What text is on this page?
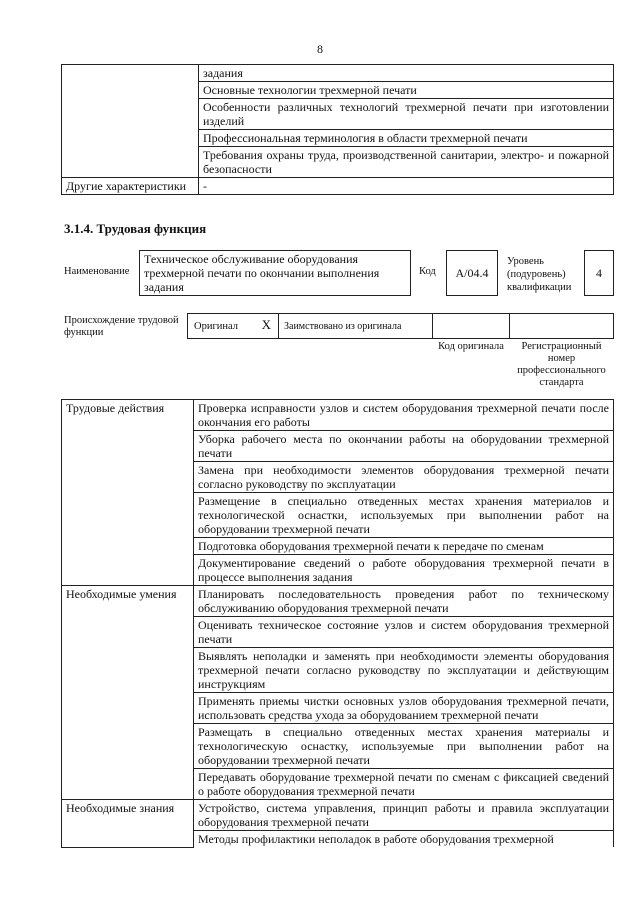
8
	задания
	Основные технологии трехмерной печати
	Особенности различных технологий трехмерной печати при изготовлении изделий
	Профессиональная терминология в области трехмерной печати
	Требования охраны труда, производственной санитарии, электро- и пожарной безопасности
Другие характеристики	-
3.1.4. Трудовая функция
Наименование
Техническое обслуживание оборудования трехмерной печати по окончании выполнения задания
Код	A/04.4
Уровень (подуровень) квалификации
4
Происхождение трудовой функции
Оригинал X Заимствовано из оригинала
Код оригинала	Регистрационный номер профессионального стандарта
Трудовые действия	Проверка исправности узлов и систем оборудования трехмерной печати после окончания его работы
	Уборка рабочего места по окончании работы на оборудовании трехмерной печати
	Замена при необходимости элементов оборудования трехмерной печати согласно руководству по эксплуатации
	Размещение в специально отведенных местах хранения материалов и технологической оснастки, используемых при выполнении работ на оборудовании трехмерной печати
	Подготовка оборудования трехмерной печати к передаче по сменам
	Документирование сведений о работе оборудования трехмерной печати в процессе выполнения задания
Необходимые умения	Планировать последовательность проведения работ по техническому обслуживанию оборудования трехмерной печати
	Оценивать техническое состояние узлов и систем оборудования трехмерной печати
	Выявлять неполадки и заменять при необходимости элементы оборудования трехмерной печати согласно руководству по эксплуатации и действующим инструкциям
	Применять приемы чистки основных узлов оборудования трехмерной печати, использовать средства ухода за оборудованием трехмерной печати
	Размещать в специально отведенных местах хранения материалы и технологическую оснастку, используемые при выполнении работ на оборудовании трехмерной печати
	Передавать оборудование трехмерной печати по сменам с фиксацией сведений о работе оборудования трехмерной печати
Необходимые знания	Устройство, система управления, принцип работы и правила эксплуатации оборудования трехмерной печати
	Методы профилактики неполадок в работе оборудования трехмерной
